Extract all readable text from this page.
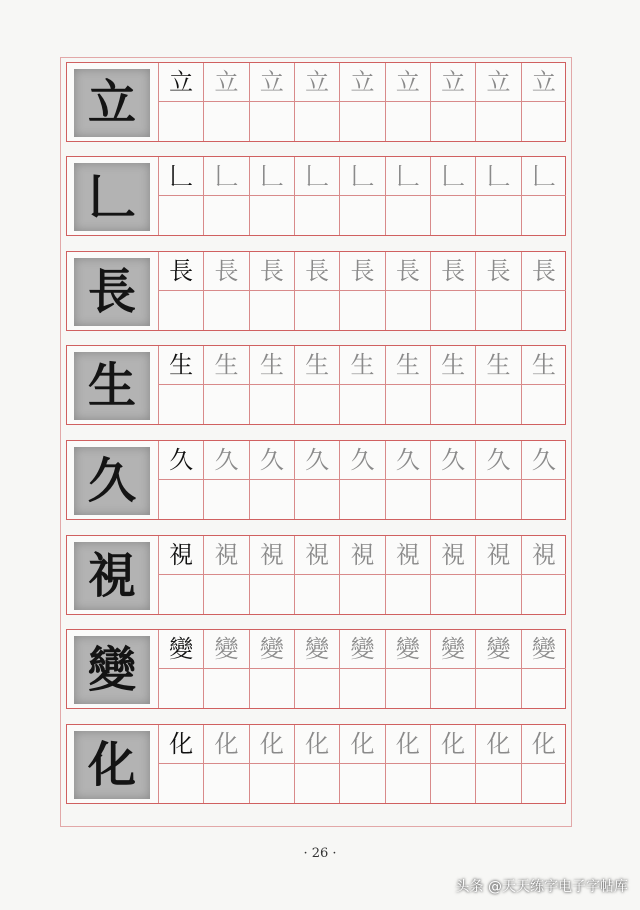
立 立 立 立 立 立 立 立 立 立
𠃊 𠃊 𠃊 𠃊 𠃊 𠃊 𠃊 𠃊 𠃊 𠃊
長 長 長 長 長 長 長 長 長 長
生 生 生 生 生 生 生 生 生 生
久 久 久 久 久 久 久 久 久 久
視 視 視 視 視 視 視 視 視 視
變 變 變 變 變 變 變 變 變 變
化 化 化 化 化 化 化 化 化 化
· 26 ·
头条 @天天练字电子字帖库
